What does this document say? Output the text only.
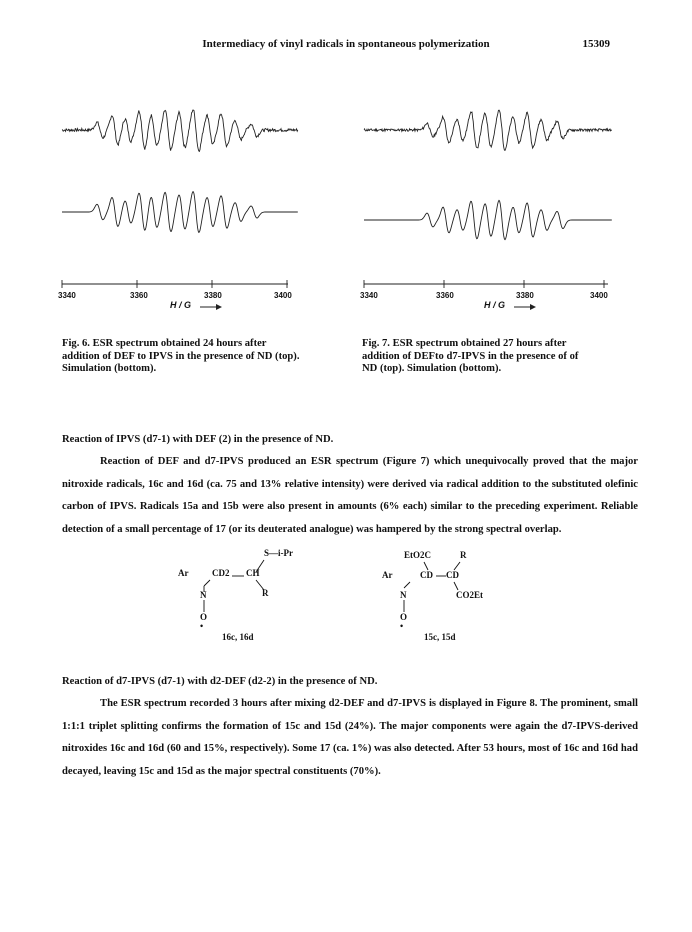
Intermediacy of vinyl radicals in spontaneous polymerization	15309
3340	3360	3380	3400
H / G
3340	3360	3380	3400
H / G
Fig. 6. ESR spectrum obtained 24 hours after addition of DEF to IPVS in the presence of ND (top). Simulation (bottom).
Fig. 7. ESR spectrum obtained 27 hours after addition of DEFto d7-IPVS in the presence of of ND (top). Simulation (bottom).
Reaction of IPVS (d7-1) with DEF (2) in the presence of ND.
Reaction of DEF and d7-IPVS produced an ESR spectrum (Figure 7) which unequivocally proved that the major nitroxide radicals, 16c and 16d (ca. 75 and 13% relative intensity) were derived via radical addition to the substituted olefinic carbon of IPVS. Radicals 15a and 15b were also present in amounts (6% each) similar to the preceding experiment. Reliable detection of a small percentage of 17 (or its deuterated analogue) was hampered by the strong spectral overlap.
S—i-Pr
Ar	CD2 CH
R
N
O
•
16c, 16d
EtO2C	R
Ar	CD CD
N	CO2Et
O
•
15c, 15d
Reaction of d7-IPVS (d7-1) with d2-DEF (d2-2) in the presence of ND.
The ESR spectrum recorded 3 hours after mixing d2-DEF and d7-IPVS is displayed in Figure 8. The prominent, small 1:1:1 triplet splitting confirms the formation of 15c and 15d (24%). The major components were again the d7-IPVS-derived nitroxides 16c and 16d (60 and 15%, respectively). Some 17 (ca. 1%) was also detected. After 53 hours, most of 16c and 16d had decayed, leaving 15c and 15d as the major spectral constituents (70%).
